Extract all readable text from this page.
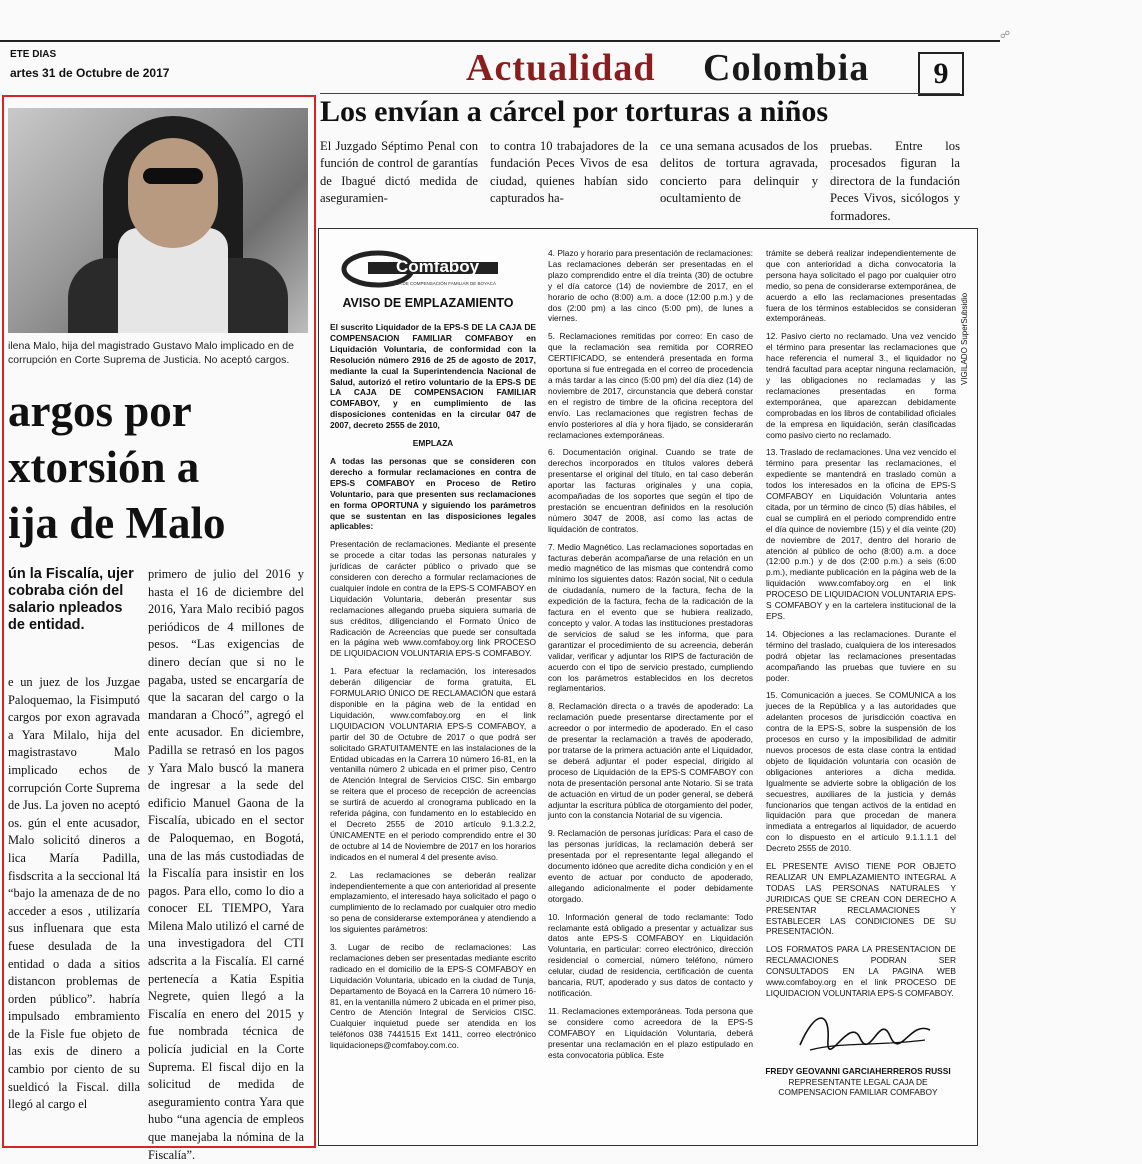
ETE DIAS
artes 31 de Octubre de 2017	Actualidad Colombia	9
☍
Los envían a cárcel por torturas a niños
El Juzgado Séptimo Penal con función de control de garantías de Ibagué dictó medida de aseguramien-
to contra 10 trabajadores de la fundación Peces Vivos de esa ciudad, quienes habían sido capturados ha-
ce una semana acusados de los delitos de tortura agravada, concierto para delinquir y ocultamiento de
pruebas. Entre los procesados figuran la directora de la fundación Peces Vivos, sicólogos y formadores.
ilena Malo, hija del magistrado Gustavo Malo implicado en de corrupción en Corte Suprema de Justicia. No aceptó cargos.
argos por
xtorsión a
ija de Malo
ún la Fiscalía, ujer cobraba ción del salario npleados de entidad.
e un juez de los Juzgae Paloquemao, la Fisimputó cargos por exon agravada a Yara Milalo, hija del magistrastavo Malo implicado echos de corrupción Corte Suprema de Jus. La joven no aceptó os. gún el ente acusador, Malo solicitó dineros a lica María Padilla, fisdscrita a la seccional ltá “bajo la amenaza de de no acceder a esos , utilizaría sus influenara que esta fuese desulada de la entidad o dada a sitios distancon problemas de orden público”. habría impulsado embramiento de la Fisle fue objeto de las exis de dinero a cambio por ciento de su sueldicó la Fiscal. dilla llegó al cargo el
primero de julio del 2016 y hasta el 16 de diciembre del 2016, Yara Malo recibió pagos periódicos de 4 millones de pesos. “Las exigencias de dinero decían que si no le pagaba, usted se encargaría de que la sacaran del cargo o la mandaran a Chocó”, agregó el ente acusador. En diciembre, Padilla se retrasó en los pagos y Yara Malo buscó la manera de ingresar a la sede del edificio Manuel Gaona de la Fiscalía, ubicado en el sector de Paloquemao, en Bogotá, una de las más custodiadas de la Fiscalía para insistir en los pagos. Para ello, como lo dio a conocer EL TIEMPO, Yara Milena Malo utilizó el carné de una investigadora del CTI adscrita a la Fiscalía. El carné pertenecía a Katia Espitia Negrete, quien llegó a la Fiscalía en enero del 2015 y fue nombrada técnica de policía judicial en la Corte Suprema. El fiscal dijo en la solicitud de medida de aseguramiento contra Yara que hubo “una agencia de empleos que manejaba la nómina de la Fiscalía”.
Comfaboy
CAJA DE COMPENSACIÓN FAMILIAR DE BOYACÁ
AVISO DE EMPLAZAMIENTO

El suscrito Liquidador de la EPS-S DE LA CAJA DE COMPENSACION FAMILIAR COMFABOY en Liquidación Voluntaria, de conformidad con la Resolución número 2916 de 25 de agosto de 2017, mediante la cual la Superintendencia Nacional de Salud, autorizó el retiro voluntario de la EPS-S DE LA CAJA DE COMPENSACION FAMILIAR COMFABOY, y en cumplimiento de las disposiciones contenidas en la circular 047 de 2007, decreto 2555 de 2010,

EMPLAZA

A todas las personas que se consideren con derecho a formular reclamaciones en contra de EPS-S COMFABOY en Proceso de Retiro Voluntario, para que presenten sus reclamaciones en forma OPORTUNA y siguiendo los parámetros que se sustentan en las disposiciones legales aplicables:

Presentación de reclamaciones. Mediante el presente se procede a citar todas las personas naturales y jurídicas de carácter público o privado que se consideren con derecho a formular reclamaciones de cualquier índole en contra de la EPS-S COMFABOY en Liquidación Voluntaria, deberán presentar sus reclamaciones allegando prueba siquiera sumaria de sus créditos, diligenciando el Formato Único de Radicación de Acreencias que puede ser consultada en la página web www.comfaboy.org link PROCESO DE LIQUIDACION VOLUNTARIA EPS-S COMFABOY.

1. Para efectuar la reclamación, los interesados deberán diligenciar de forma gratuita, EL FORMULARIO ÚNICO DE RECLAMACIÓN que estará disponible en la página web de la entidad en Liquidación, www.comfaboy.org en el link LIQUIDACION VOLUNTARIA EPS-S COMFABOY, a partir del 30 de Octubre de 2017 o que podrá ser solicitado GRATUITAMENTE en las instalaciones de la Entidad ubicadas en la Carrera 10 número 16-81, en la ventanilla número 2 ubicada en el primer piso, Centro de Atención Integral de Servicios CISC. Sin embargo se reitera que el proceso de recepción de acreencias se surtirá de acuerdo al cronograma publicado en la referida página, con fundamento en lo establecido en el Decreto 2555 de 2010 artículo 9.1.3.2.2, ÚNICAMENTE en el periodo comprendido entre el 30 de octubre al 14 de Noviembre de 2017 en los horarios indicados en el numeral 4 del presente aviso.

2. Las reclamaciones se deberán realizar independientemente a que con anterioridad al presente emplazamiento, el interesado haya solicitado el pago o cumplimiento de lo reclamado por cualquier otro medio so pena de considerarse extemporánea y atendiendo a los siguientes parámetros:

3. Lugar de recibo de reclamaciones: Las reclamaciones deben ser presentadas mediante escrito radicado en el domicilio de la EPS-S COMFABOY en Liquidación Voluntaria, ubicado en la ciudad de Tunja, Departamento de Boyacá en la Carrera 10 número 16-81, en la ventanilla número 2 ubicada en el primer piso, Centro de Atención Integral de Servicios CISC. Cualquier inquietud puede ser atendida en los teléfonos 038 7441515 Ext 1411, correo electrónico liquidacioneps@comfaboy.com.co.

4. Plazo y horario para presentación de reclamaciones: Las reclamaciones deberán ser presentadas en el plazo comprendido entre el día treinta (30) de octubre y el día catorce (14) de noviembre de 2017, en el horario de ocho (8:00) a.m. a doce (12:00 p.m.) y de dos (2:00 pm) a las cinco (5:00 pm), de lunes a viernes.

5. Reclamaciones remitidas por correo: En caso de que la reclamación sea remitida por CORREO CERTIFICADO, se entenderá presentada en forma oportuna si fue entregada en el correo de procedencia a más tardar a las cinco (5:00 pm) del día diez (14) de noviembre de 2017, circunstancia que deberá constar en el registro de timbre de la oficina receptora del envío. Las reclamaciones que registren fechas de envío posteriores al día y hora fijado, se considerarán reclamaciones extemporáneas.

6. Documentación original. Cuando se trate de derechos incorporados en títulos valores deberá presentarse el original del título, en tal caso deberán aportar las facturas originales y una copia, acompañadas de los soportes que según el tipo de prestación se encuentran definidos en la resolución número 3047 de 2008, así como las actas de liquidación de contratos.

7. Medio Magnético. Las reclamaciones soportadas en facturas deberán acompañarse de una relación en un medio magnético de las mismas que contendrá como mínimo los siguientes datos: Razón social, Nit o cedula de ciudadanía, numero de la factura, fecha de la expedición de la factura, fecha de la radicación de la factura en el evento que se hubiera realizado, concepto y valor. A todas las instituciones prestadoras de servicios de salud se les informa, que para garantizar el procedimiento de su acreencia, deberán validar, verificar y adjuntar los RIPS de facturación de acuerdo con el tipo de servicio prestado, cumpliendo con los parámetros establecidos en los decretos reglamentarios.

8. Reclamación directa o a través de apoderado: La reclamación puede presentarse directamente por el acreedor o por intermedio de apoderado. En el caso de presentar la reclamación a través de apoderado, por tratarse de la primera actuación ante el Liquidador, se deberá adjuntar el poder especial, dirigido al proceso de Liquidación de la EPS-S COMFABOY con nota de presentación personal ante Notario. Si se trata de actuación en virtud de un poder general, se deberá adjuntar la escritura pública de otorgamiento del poder, junto con la constancia Notarial de su vigencia.

9. Reclamación de personas jurídicas: Para el caso de las personas jurídicas, la reclamación deberá ser presentada por el representante legal allegando el documento idóneo que acredite dicha condición y en el evento de actuar por conducto de apoderado, allegando adicionalmente el poder debidamente otorgado.

10. Información general de todo reclamante: Todo reclamante está obligado a presentar y actualizar sus datos ante EPS-S COMFABOY en Liquidación Voluntaria, en particular: correo electrónico, dirección residencial o comercial, número teléfono, número celular, ciudad de residencia, certificación de cuenta bancaria, RUT, apoderado y sus datos de contacto y notificación.

11. Reclamaciones extemporáneas. Toda persona que se considere como acreedora de la EPS-S COMFABOY en Liquidación Voluntaria, deberá presentar una reclamación en el plazo estipulado en esta convocatoria pública. Este

trámite se deberá realizar independientemente de que con anterioridad a dicha convocatoria la persona haya solicitado el pago por cualquier otro medio, so pena de considerarse extemporánea, de acuerdo a ello las reclamaciones presentadas fuera de los términos establecidos se consideran extemporáneas.

12. Pasivo cierto no reclamado. Una vez vencido el término para presentar las reclamaciones que hace referencia el numeral 3., el liquidador no tendrá facultad para aceptar ninguna reclamación, y las obligaciones no reclamadas y las reclamaciones presentadas en forma extemporánea, que aparezcan debidamente comprobadas en los libros de contabilidad oficiales de la empresa en liquidación, serán clasificadas como pasivo cierto no reclamado.

13. Traslado de reclamaciones. Una vez vencido el término para presentar las reclamaciones, el expediente se mantendrá en traslado común a todos los interesados en la oficina de EPS-S COMFABOY en Liquidación Voluntaria antes citada, por un término de cinco (5) días hábiles, el cual se cumplirá en el periodo comprendido entre el día quince de noviembre (15) y el día veinte (20) de noviembre de 2017, dentro del horario de atención al público de ocho (8:00) a.m. a doce (12:00 p.m.) y de dos (2:00 p.m.) a seis (6:00 p.m.), mediante publicación en la página web de la liquidación www.comfaboy.org en el link PROCESO DE LIQUIDACION VOLUNTARIA EPS-S COMFABOY y en la cartelera institucional de la EPS.

14. Objeciones a las reclamaciones. Durante el término del traslado, cualquiera de los interesados podrá objetar las reclamaciones presentadas acompañando las pruebas que tuviere en su poder.

15. Comunicación a jueces. Se COMUNICA a los jueces de la República y a las autoridades que adelanten procesos de jurisdicción coactiva en contra de la EPS-S, sobre la suspensión de los procesos en curso y la imposibilidad de admitir nuevos procesos de esta clase contra la entidad objeto de liquidación voluntaria con ocasión de obligaciones anteriores a dicha medida. Igualmente se advierte sobre la obligación de los secuestres, auxiliares de la justicia y demás funcionarios que tengan activos de la entidad en liquidación para que procedan de manera inmediata a entregarlos al liquidador, de acuerdo con lo dispuesto en el artículo 9.1.1.1.1 del Decreto 2555 de 2010.

EL PRESENTE AVISO TIENE POR OBJETO REALIZAR UN EMPLAZAMIENTO INTEGRAL A TODAS LAS PERSONAS NATURALES Y JURIDICAS QUE SE CREAN CON DERECHO A PRESENTAR RECLAMACIONES Y ESTABLECER LAS CONDICIONES DE SU PRESENTACIÓN.

LOS FORMATOS PARA LA PRESENTACION DE RECLAMACIONES PODRAN SER CONSULTADOS EN LA PAGINA WEB www.comfaboy.org en el link PROCESO DE LIQUIDACION VOLUNTARIA EPS-S COMFABOY.

VIGILADO SuperSubsidio
FREDY GEOVANNI GARCIAHERREROS RUSSI
REPRESENTANTE LEGAL CAJA DE
COMPENSACION FAMILIAR COMFABOY
